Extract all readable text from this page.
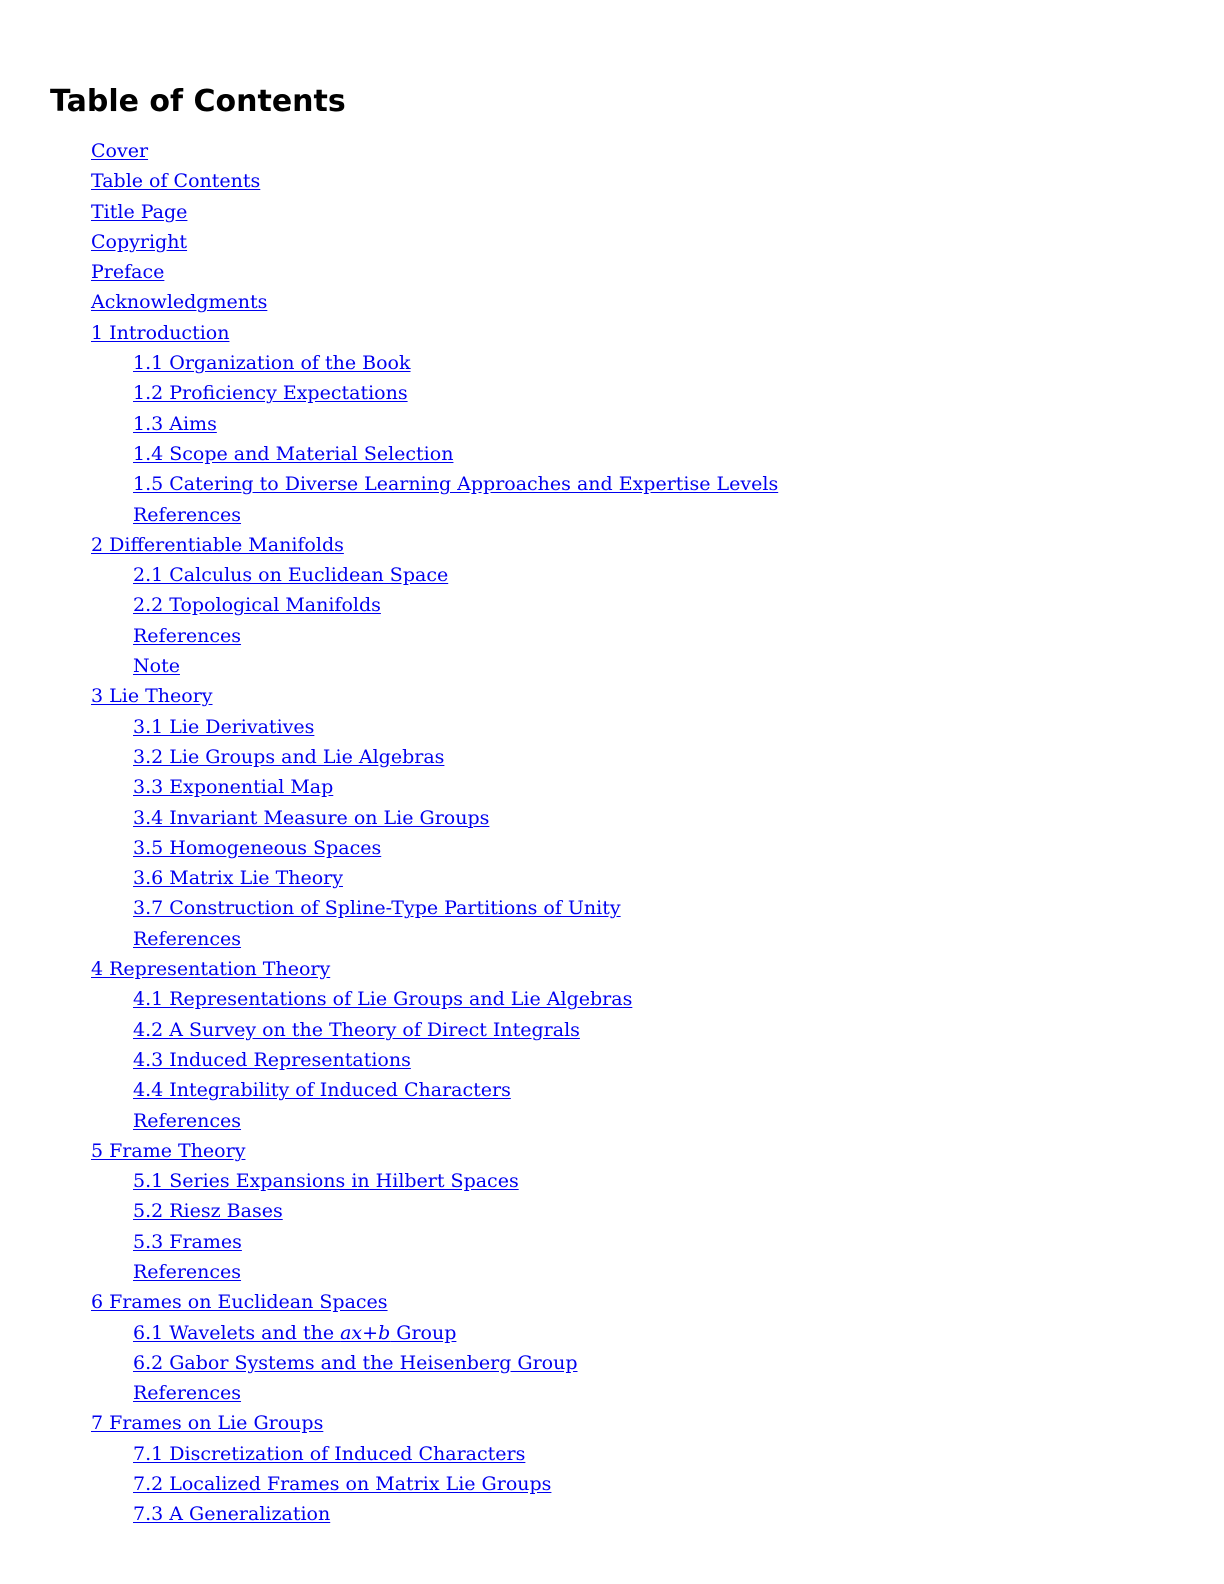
Table of Contents
Cover
Table of Contents
Title Page
Copyright
Preface
Acknowledgments
1 Introduction
1.1 Organization of the Book
1.2 Proficiency Expectations
1.3 Aims
1.4 Scope and Material Selection
1.5 Catering to Diverse Learning Approaches and Expertise Levels
References
2 Differentiable Manifolds
2.1 Calculus on Euclidean Space
2.2 Topological Manifolds
References
Note
3 Lie Theory
3.1 Lie Derivatives
3.2 Lie Groups and Lie Algebras
3.3 Exponential Map
3.4 Invariant Measure on Lie Groups
3.5 Homogeneous Spaces
3.6 Matrix Lie Theory
3.7 Construction of Spline-Type Partitions of Unity
References
4 Representation Theory
4.1 Representations of Lie Groups and Lie Algebras
4.2 A Survey on the Theory of Direct Integrals
4.3 Induced Representations
4.4 Integrability of Induced Characters
References
5 Frame Theory
5.1 Series Expansions in Hilbert Spaces
5.2 Riesz Bases
5.3 Frames
References
6 Frames on Euclidean Spaces
6.1 Wavelets and the ax+b Group
6.2 Gabor Systems and the Heisenberg Group
References
7 Frames on Lie Groups
7.1 Discretization of Induced Characters
7.2 Localized Frames on Matrix Lie Groups
7.3 A Generalization
